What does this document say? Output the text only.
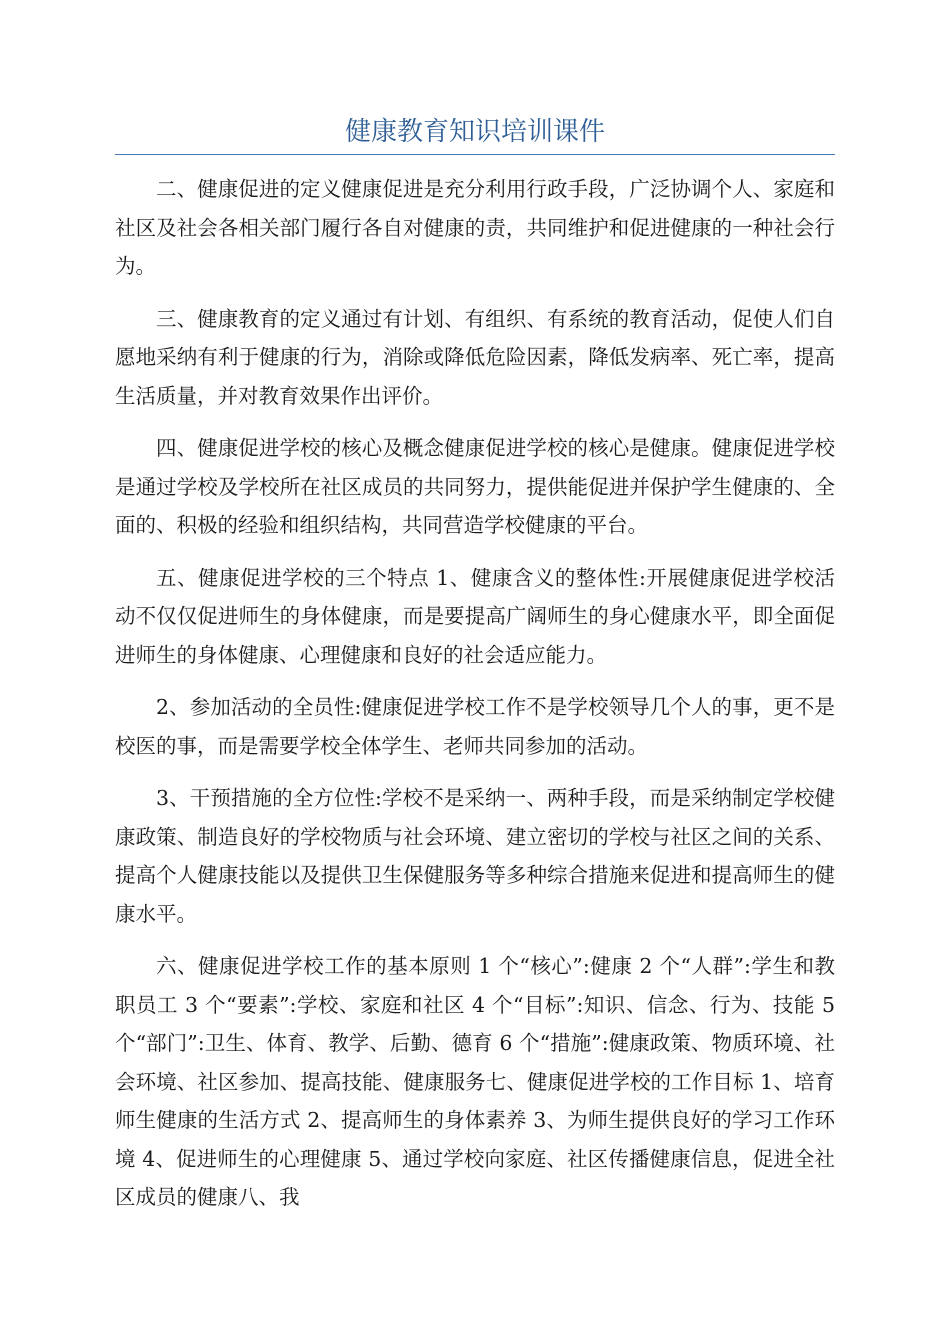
健康教育知识培训课件

二、健康促进的定义健康促进是充分利用行政手段，广泛协调个人、家庭和社区及社会各相关部门履行各自对健康的责，共同维护和促进健康的一种社会行为。

三、健康教育的定义通过有计划、有组织、有系统的教育活动，促使人们自愿地采纳有利于健康的行为，消除或降低危险因素，降低发病率、死亡率，提高生活质量，并对教育效果作出评价。

四、健康促进学校的核心及概念健康促进学校的核心是健康。健康促进学校是通过学校及学校所在社区成员的共同努力，提供能促进并保护学生健康的、全面的、积极的经验和组织结构，共同营造学校健康的平台。

五、健康促进学校的三个特点 1、健康含义的整体性:开展健康促进学校活动不仅仅促进师生的身体健康，而是要提高广阔师生的身心健康水平，即全面促进师生的身体健康、心理健康和良好的社会适应能力。

2、参加活动的全员性:健康促进学校工作不是学校领导几个人的事，更不是校医的事，而是需要学校全体学生、老师共同参加的活动。

3、干预措施的全方位性:学校不是采纳一、两种手段，而是采纳制定学校健康政策、制造良好的学校物质与社会环境、建立密切的学校与社区之间的关系、提高个人健康技能以及提供卫生保健服务等多种综合措施来促进和提高师生的健康水平。

六、健康促进学校工作的基本原则 1 个“核心”:健康 2 个“人群”:学生和教职员工 3 个“要素”:学校、家庭和社区 4 个“目标”:知识、信念、行为、技能 5 个“部门”:卫生、体育、教学、后勤、德育 6 个“措施”:健康政策、物质环境、社会环境、社区参加、提高技能、健康服务七、健康促进学校的工作目标 1、培育师生健康的生活方式 2、提高师生的身体素养 3、为师生提供良好的学习工作环境 4、促进师生的心理健康 5、通过学校向家庭、社区传播健康信息，促进全社区成员的健康八、我
